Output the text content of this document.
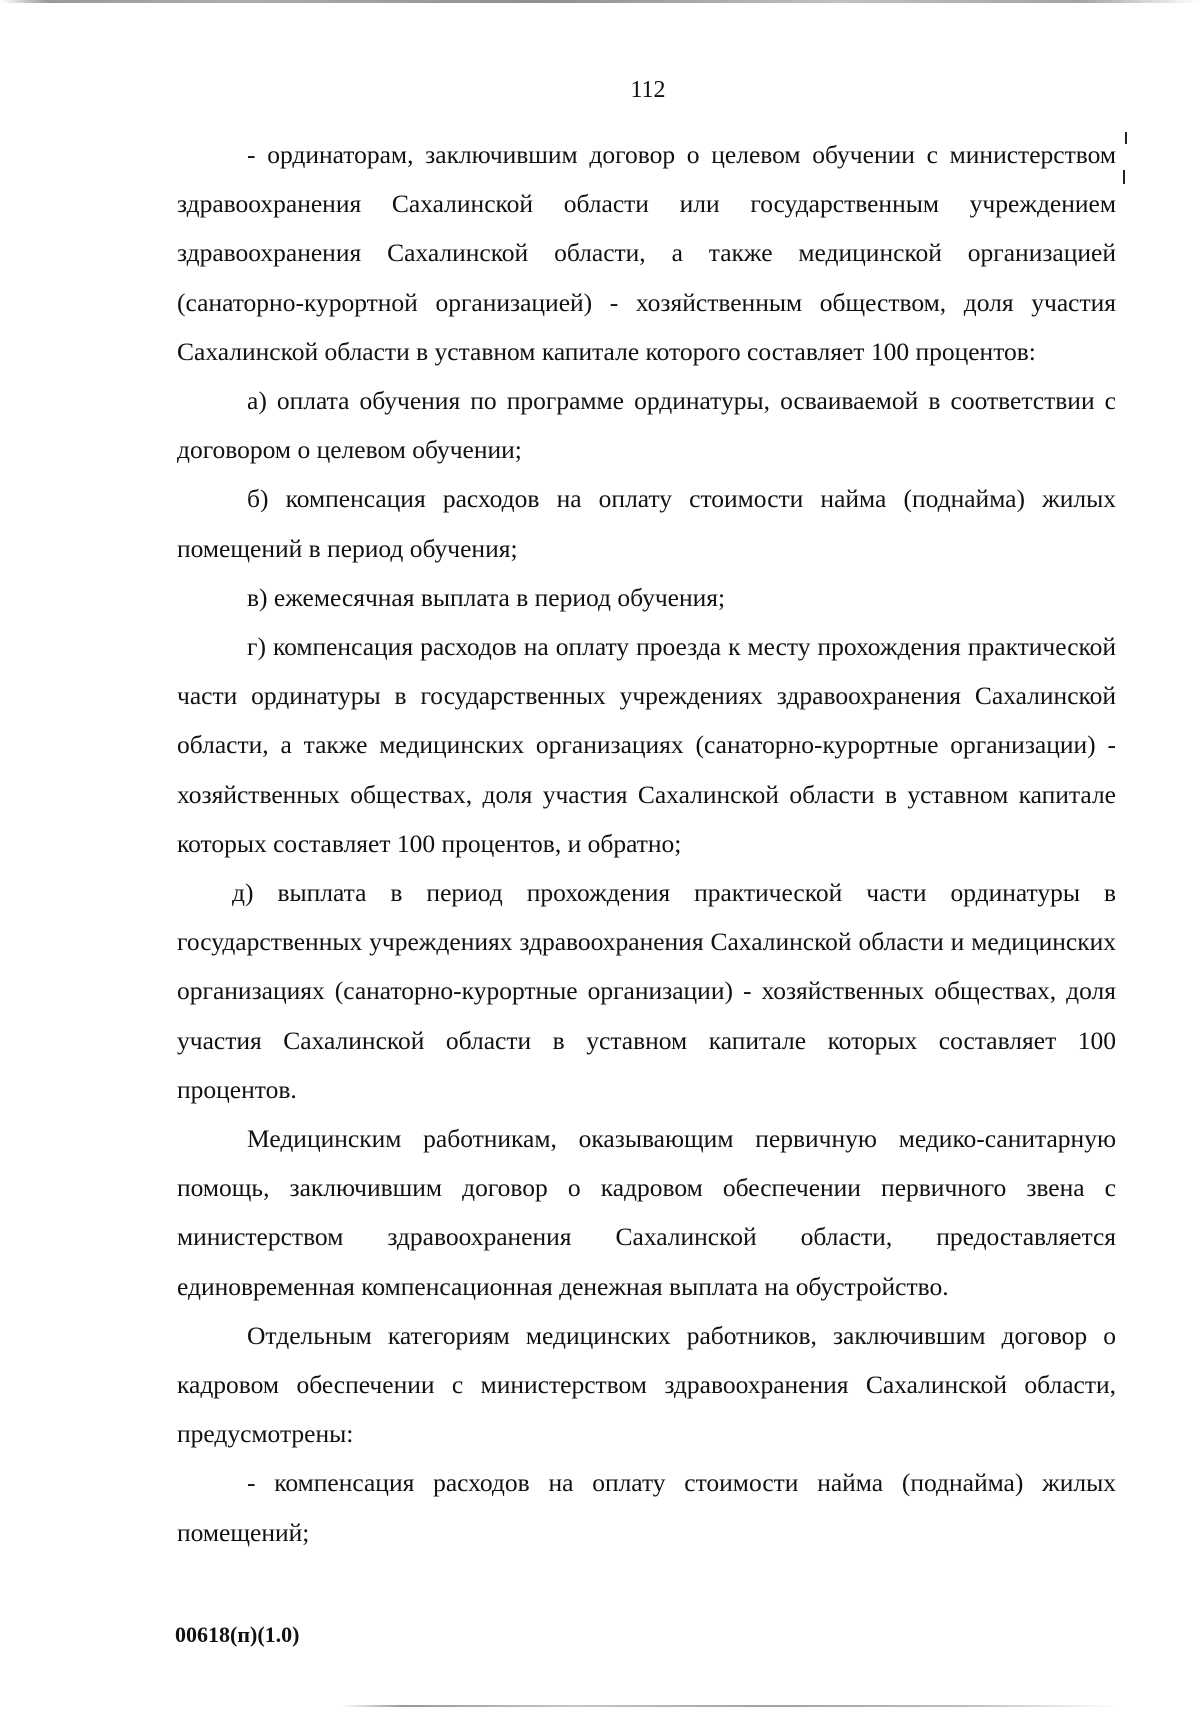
112

- ординаторам, заключившим договор о целевом обучении с министерством здравоохранения Сахалинской области или государственным учреждением здравоохранения Сахалинской области, а также медицинской организацией (санаторно-курортной организацией) - хозяйственным обществом, доля участия Сахалинской области в уставном капитале которого составляет 100 процентов:

а) оплата обучения по программе ординатуры, осваиваемой в соответствии с договором о целевом обучении;

б) компенсация расходов на оплату стоимости найма (поднайма) жилых помещений в период обучения;

в) ежемесячная выплата в период обучения;

г) компенсация расходов на оплату проезда к месту прохождения практической части ординатуры в государственных учреждениях здравоохранения Сахалинской области, а также медицинских организациях (санаторно-курортные организации) - хозяйственных обществах, доля участия Сахалинской области в уставном капитале которых составляет 100 процентов, и обратно;

д) выплата в период прохождения практической части ординатуры в государственных учреждениях здравоохранения Сахалинской области и медицинских организациях (санаторно-курортные организации) - хозяйственных обществах, доля участия Сахалинской области в уставном капитале которых составляет 100 процентов.

Медицинским работникам, оказывающим первичную медико-санитарную помощь, заключившим договор о кадровом обеспечении первичного звена с министерством здравоохранения Сахалинской области, предоставляется единовременная компенсационная денежная выплата на обустройство.

Отдельным категориям медицинских работников, заключившим договор о кадровом обеспечении с министерством здравоохранения Сахалинской области, предусмотрены:

- компенсация расходов на оплату стоимости найма (поднайма) жилых помещений;

00618(п)(1.0)
